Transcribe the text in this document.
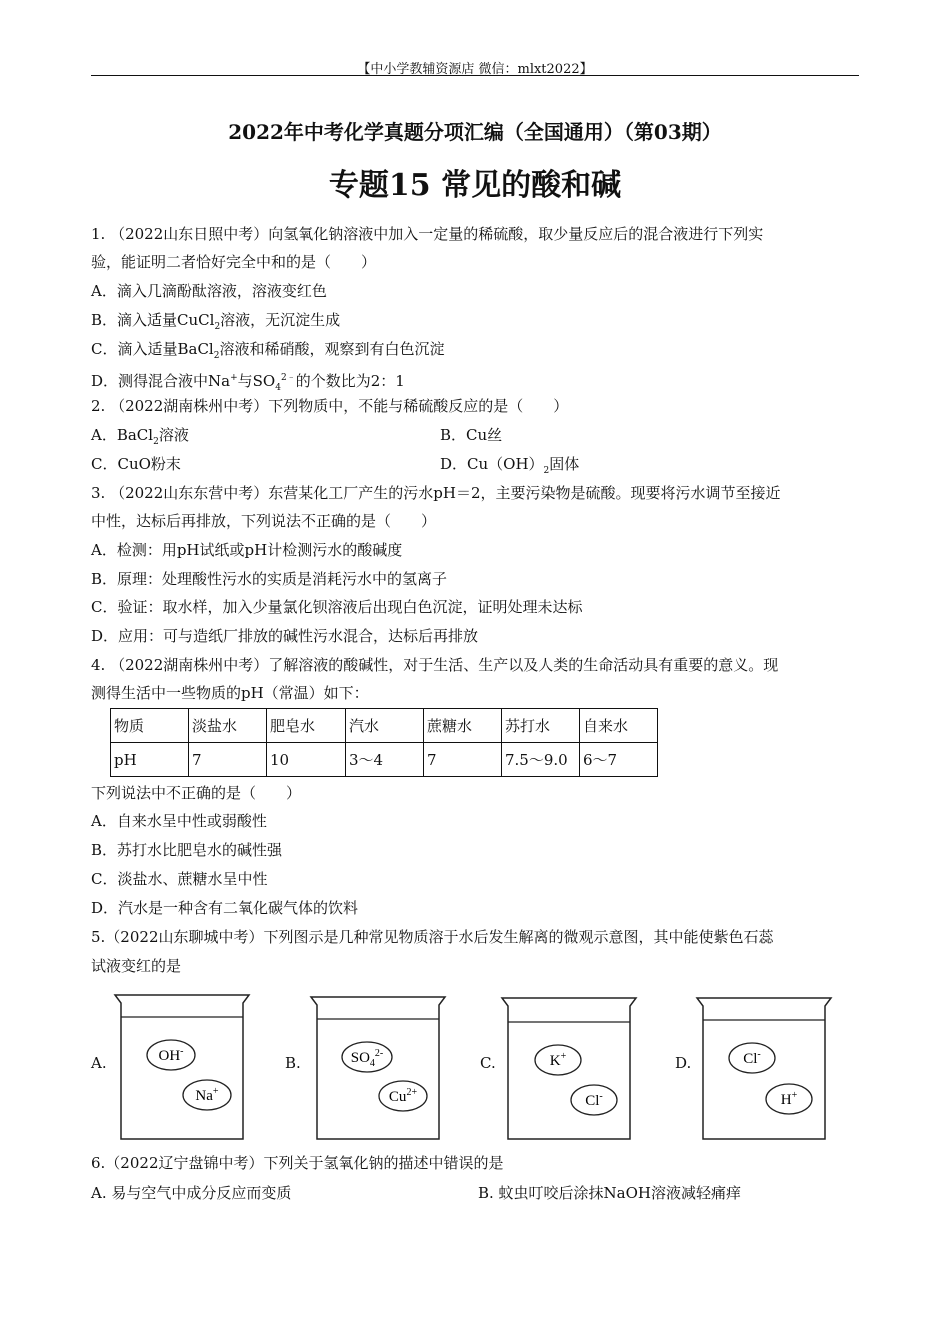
【中小学教辅资源店 微信：mlxt2022】
2022年中考化学真题分项汇编（全国通用）（第03期）
专题15 常见的酸和碱
1. （2022山东日照中考）向氢氧化钠溶液中加入一定量的稀硫酸，取少量反应后的混合液进行下列实
验，能证明二者恰好完全中和的是（　　）
A．滴入几滴酚酞溶液，溶液变红色
B．滴入适量CuCl$_2$溶液，无沉淀生成
C．滴入适量BaCl$_2$溶液和稀硝酸，观察到有白色沉淀
D．测得混合液中Na+与$SO_4^{2﹣}$的个数比为2：1
2. （2022湖南株州中考）下列物质中，不能与稀硫酸反应的是（　　）
A．BaCl$_2$溶液	B．Cu丝
C．CuO粉末	D．$Cu(OH)_2$固体
3. （2022山东东营中考）东营某化工厂产生的污水pH＝2，主要污染物是硫酸。现要将污水调节至接近
中性，达标后再排放，下列说法不正确的是（　　）
A．检测：用pH试纸或pH计检测污水的酸碱度
B．原理：处理酸性污水的实质是消耗污水中的氢离子
C．验证：取水样，加入少量氯化钡溶液后出现白色沉淀，证明处理未达标
D．应用：可与造纸厂排放的碱性污水混合，达标后再排放
4. （2022湖南株州中考）了解溶液的酸碱性，对于生活、生产以及人类的生命活动具有重要的意义。现
测得生活中一些物质的pH（常温）如下：
物质	淡盐水	肥皂水	汽水	蔗糖水	苏打水	自来水
pH	7	10	3～4	7	7.5～9.0	6～7
下列说法中不正确的是（　　）
A．自来水呈中性或弱酸性
B．苏打水比肥皂水的碱性强
C．淡盐水、蔗糖水呈中性
D．汽水是一种含有二氧化碳气体的饮料
5.（2022山东聊城中考）下列图示是几种常见物质溶于水后发生解离的微观示意图，其中能使紫色石蕊
试液变红的是
A.	OH-
Na+
B.	$SO_4^{2-}$
$Cu^{2+}$
C.	K+
Cl-
D.	Cl-
H+
6.（2022辽宁盘锦中考）下列关于氢氧化钠的描述中错误的是
A. 易与空气中成分反应而变质	B. 蚊虫叮咬后涂抹NaOH溶液减轻痛痒
